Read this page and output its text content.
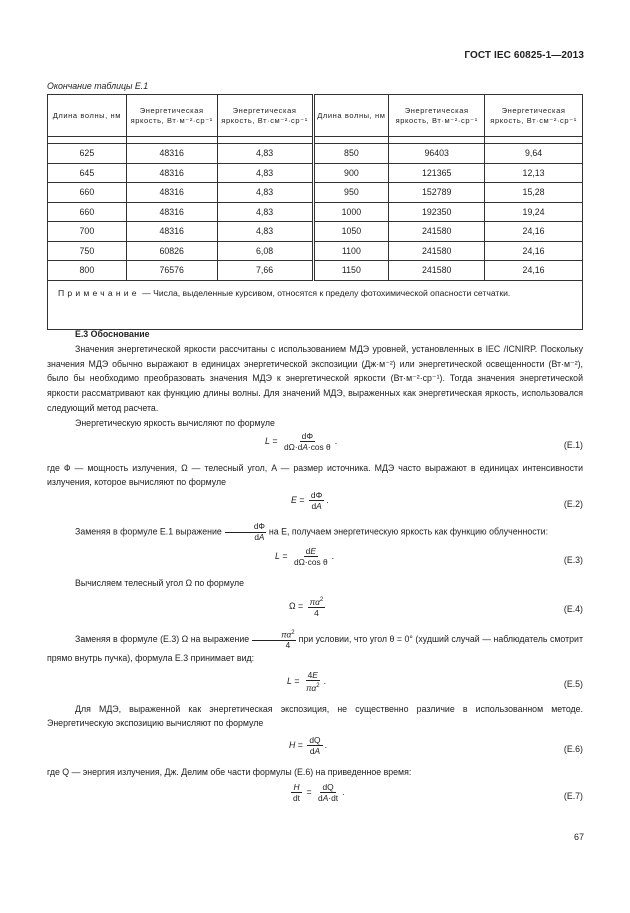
ГОСТ IEC 60825-1—2013
Окончание таблицы Е.1
Длина волны, нм	Энергетическая яркость, Вт·м⁻²·ср⁻¹	Энергетическая яркость, Вт·см⁻²·ср⁻¹	Длина волны, нм	Энергетическая яркость, Вт·м⁻²·ср⁻¹	Энергетическая яркость, Вт·см⁻²·ср⁻¹

625	48316	4,83	850	96403	9,64
645	48316	4,83	900	121365	12,13
660	48316	4,83	950	152789	15,28
660	48316	4,83	1000	192350	19,24
700	48316	4,83	1050	241580	24,16
750	60826	6,08	1100	241580	24,16
800	76576	7,66	1150	241580	24,16
Примечание — Числа, выделенные курсивом, относятся к пределу фотохимической опасности сетчатки.					

Е.3 Обоснование

Значения энергетической яркости рассчитаны с использованием МДЭ уровней, установленных в IEC /ICNIRP. Поскольку значения МДЭ обычно выражают в единицах энергетической экспозиции (Дж·м⁻²) или энергетической освещенности (Вт·м⁻²), было бы необходимо преобразовать значения МДЭ к энергетической яркости (Вт·м⁻²·ср⁻¹). Тогда значения энергетической яркости рассматривают как функцию длины волны. Для значений МДЭ, выраженных как энергетическая яркость, использовался следующий метод расчета.

Энергетическую яркость вычисляют по формуле

$L = \frac{d\Phi}{\text{dΩ·dA·cos θ}}$ .	(Е.1)

где Ф — мощность излучения, Ω — телесный угол, A — размер источника. МДЭ часто выражают в единицах интенсивности излучения, которое вычисляют по формуле

$E = \frac{d\Phi}{dA}$ .	(Е.2)

Заменяя в формуле Е.1 выражение $\frac{d\Phi}{dA}$ на E, получаем энергетическую яркость как функцию облученности:

$L = \frac{dE}{\text{dΩ·cos θ}}$ .	(Е.3)

Вычисляем телесный угол Ω по формуле

$\Omega = \frac{\pi\alpha^2}{4}$	(Е.4)

Заменяя в формуле (Е.3) Ω на выражение $\frac{\pi\alpha^2}{4}$ при условии, что угол θ = 0° (худший случай — наблюдатель смотрит прямо внутрь пучка), формула Е.3 принимает вид:

$L = \frac{4E}{\pi\alpha^2}$ .	(Е.5)

Для МДЭ, выраженной как энергетическая экспозиция, не существенно различие в использованном методе. Энергетическую экспозицию вычисляют по формуле

$H = \frac{dQ}{dA}$ .	(Е.6)

где Q — энергия излучения, Дж. Делим обе части формулы (Е.6) на приведенное время:

$\frac{H}{dt} = \frac{dQ}{dA\cdot dt}$ .	(Е.7)
67
